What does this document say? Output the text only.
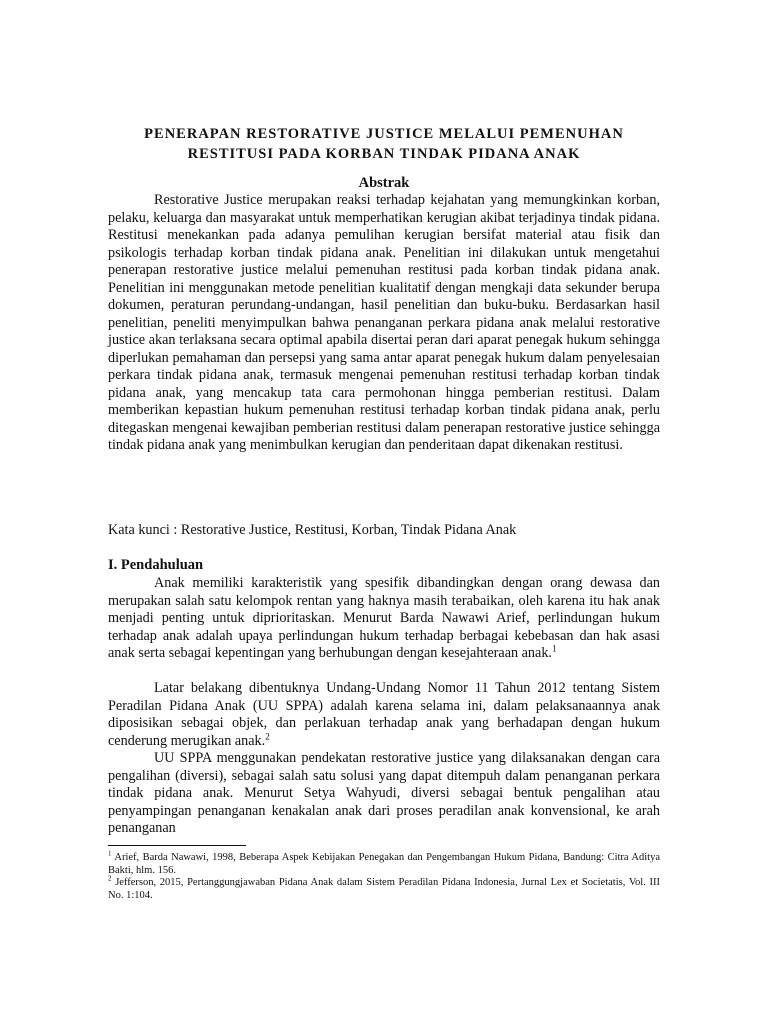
PENERAPAN RESTORATIVE JUSTICE MELALUI PEMENUHAN
RESTITUSI PADA KORBAN TINDAK PIDANA ANAK

Abstrak

Restorative Justice merupakan reaksi terhadap kejahatan yang memungkinkan korban, pelaku, keluarga dan masyarakat untuk memperhatikan kerugian akibat terjadinya tindak pidana. Restitusi menekankan pada adanya pemulihan kerugian bersifat material atau fisik dan psikologis terhadap korban tindak pidana anak. Penelitian ini dilakukan untuk mengetahui penerapan restorative justice melalui pemenuhan restitusi pada korban tindak pidana anak. Penelitian ini menggunakan metode penelitian kualitatif dengan mengkaji data sekunder berupa dokumen, peraturan perundang-undangan, hasil penelitian dan buku-buku. Berdasarkan hasil penelitian, peneliti menyimpulkan bahwa penanganan perkara pidana anak melalui restorative justice akan terlaksana secara optimal apabila disertai peran dari aparat penegak hukum sehingga diperlukan pemahaman dan persepsi yang sama antar aparat penegak hukum dalam penyelesaian perkara tindak pidana anak, termasuk mengenai pemenuhan restitusi terhadap korban tindak pidana anak, yang mencakup tata cara permohonan hingga pemberian restitusi. Dalam memberikan kepastian hukum pemenuhan restitusi terhadap korban tindak pidana anak, perlu ditegaskan mengenai kewajiban pemberian restitusi dalam penerapan restorative justice sehingga tindak pidana anak yang menimbulkan kerugian dan penderitaan dapat dikenakan restitusi.

Kata kunci : Restorative Justice, Restitusi, Korban, Tindak Pidana Anak

I. Pendahuluan

Anak memiliki karakteristik yang spesifik dibandingkan dengan orang dewasa dan merupakan salah satu kelompok rentan yang haknya masih terabaikan, oleh karena itu hak anak menjadi penting untuk diprioritaskan. Menurut Barda Nawawi Arief, perlindungan hukum terhadap anak adalah upaya perlindungan hukum terhadap berbagai kebebasan dan hak asasi anak serta sebagai kepentingan yang berhubungan dengan kesejahteraan anak.$^1$

Latar belakang dibentuknya Undang-Undang Nomor 11 Tahun 2012 tentang Sistem Peradilan Pidana Anak (UU SPPA) adalah karena selama ini, dalam pelaksanaannya anak diposisikan sebagai objek, dan perlakuan terhadap anak yang berhadapan dengan hukum cenderung merugikan anak.$^2$

UU SPPA menggunakan pendekatan restorative justice yang dilaksanakan dengan cara pengalihan (diversi), sebagai salah satu solusi yang dapat ditempuh dalam penanganan perkara tindak pidana anak. Menurut Setya Wahyudi, diversi sebagai bentuk pengalihan atau penyampingan penanganan kenakalan anak dari proses peradilan anak konvensional, ke arah penanganan

$^1$ Arief, Barda Nawawi, 1998, Beberapa Aspek Kebijakan Penegakan dan Pengembangan Hukum Pidana, Bandung: Citra Aditya Bakti, hlm. 156.

$^2$ Jefferson, 2015, Pertanggungjawaban Pidana Anak dalam Sistem Peradilan Pidana Indonesia, Jurnal Lex et Societatis, Vol. III No. 1:104.
